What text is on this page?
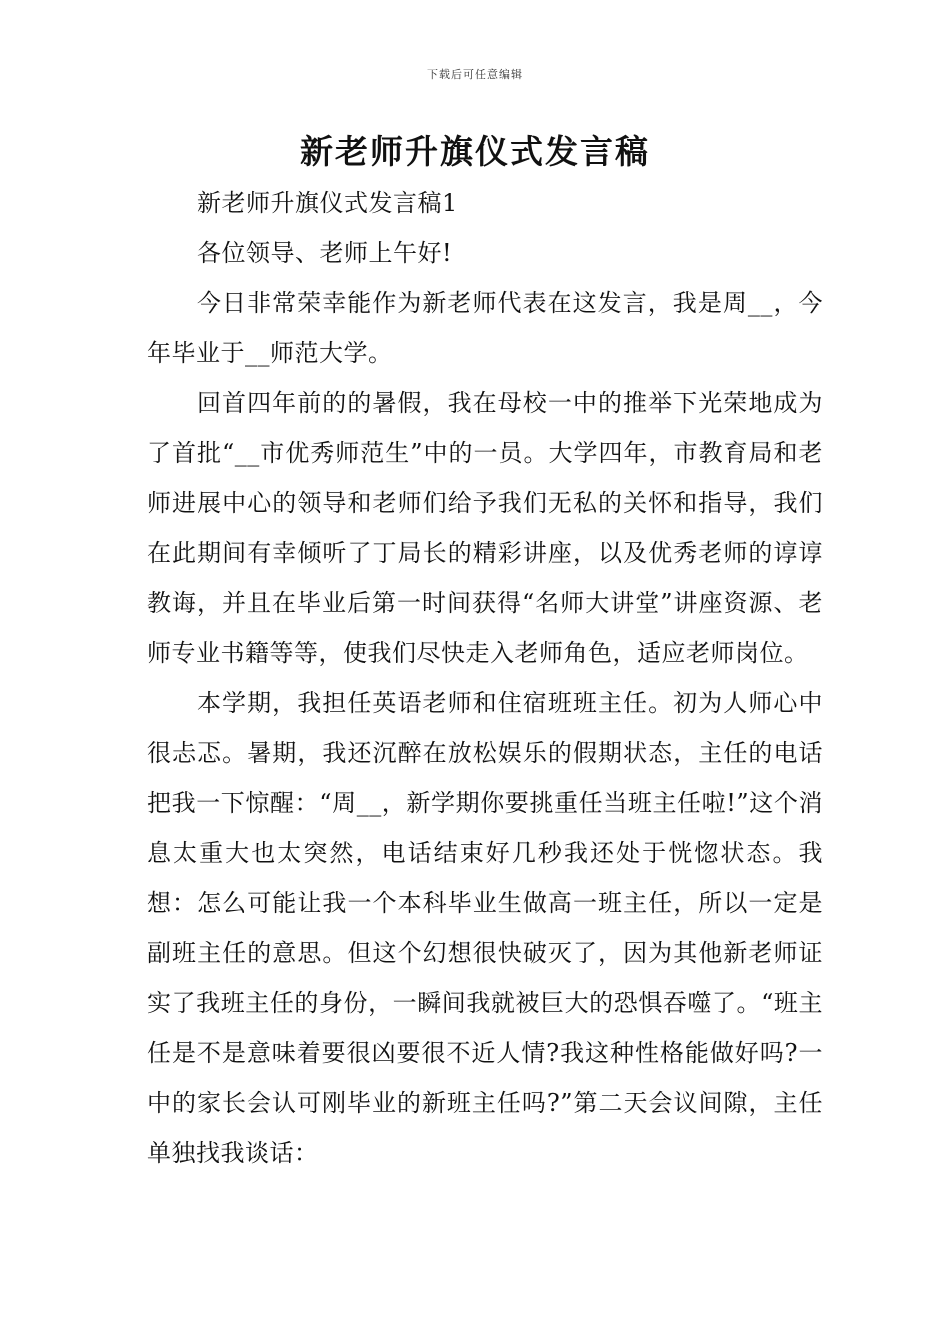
下载后可任意编辑
新老师升旗仪式发言稿

新老师升旗仪式发言稿1

各位领导、老师上午好!

今日非常荣幸能作为新老师代表在这发言，我是周__，今年毕业于__师范大学。

回首四年前的的暑假，我在母校一中的推举下光荣地成为了首批“__市优秀师范生”中的一员。大学四年，市教育局和老师进展中心的领导和老师们给予我们无私的关怀和指导，我们在此期间有幸倾听了丁局长的精彩讲座，以及优秀老师的谆谆教诲，并且在毕业后第一时间获得“名师大讲堂”讲座资源、老师专业书籍等等，使我们尽快走入老师角色，适应老师岗位。

本学期，我担任英语老师和住宿班班主任。初为人师心中很忐忑。暑期，我还沉醉在放松娱乐的假期状态，主任的电话把我一下惊醒：“周__，新学期你要挑重任当班主任啦!”这个消息太重大也太突然，电话结束好几秒我还处于恍惚状态。我想：怎么可能让我一个本科毕业生做高一班主任，所以一定是副班主任的意思。但这个幻想很快破灭了，因为其他新老师证实了我班主任的身份，一瞬间我就被巨大的恐惧吞噬了。“班主任是不是意味着要很凶要很不近人情?我这种性格能做好吗?一中的家长会认可刚毕业的新班主任吗?”第二天会议间隙，主任单独找我谈话：
